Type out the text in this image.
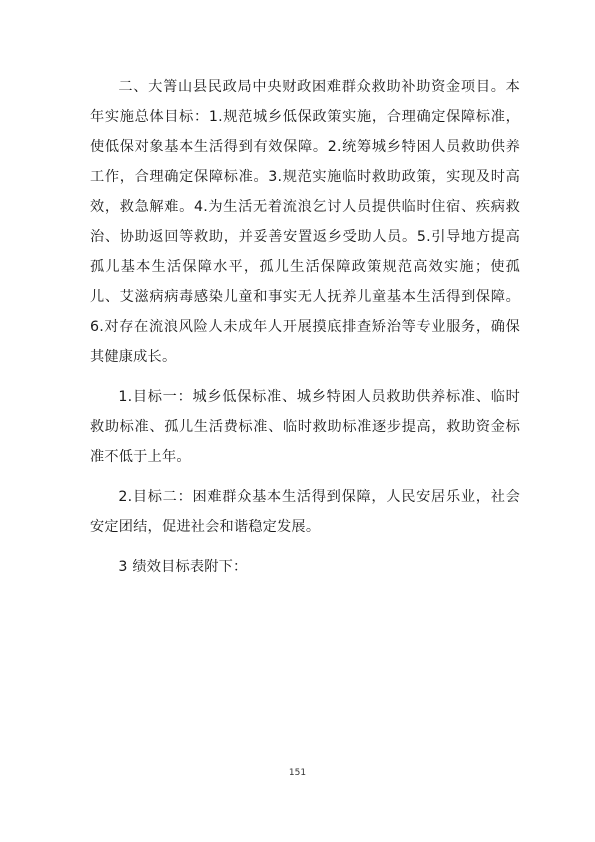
二、大箐山县民政局中央财政困难群众救助补助资金项目。本年实施总体目标：1.规范城乡低保政策实施，合理确定保障标准，使低保对象基本生活得到有效保障。2.统筹城乡特困人员救助供养工作，合理确定保障标准。3.规范实施临时救助政策，实现及时高效，救急解难。4.为生活无着流浪乞讨人员提供临时住宿、疾病救治、协助返回等救助，并妥善安置返乡受助人员。5.引导地方提高孤儿基本生活保障水平，孤儿生活保障政策规范高效实施；使孤儿、艾滋病病毒感染儿童和事实无人抚养儿童基本生活得到保障。6.对存在流浪风险人未成年人开展摸底排查矫治等专业服务，确保其健康成长。

1.目标一：城乡低保标准、城乡特困人员救助供养标准、临时救助标准、孤儿生活费标准、临时救助标准逐步提高，救助资金标准不低于上年。

2.目标二：困难群众基本生活得到保障，人民安居乐业，社会安定团结，促进社会和谐稳定发展。

3 绩效目标表附下：

151
